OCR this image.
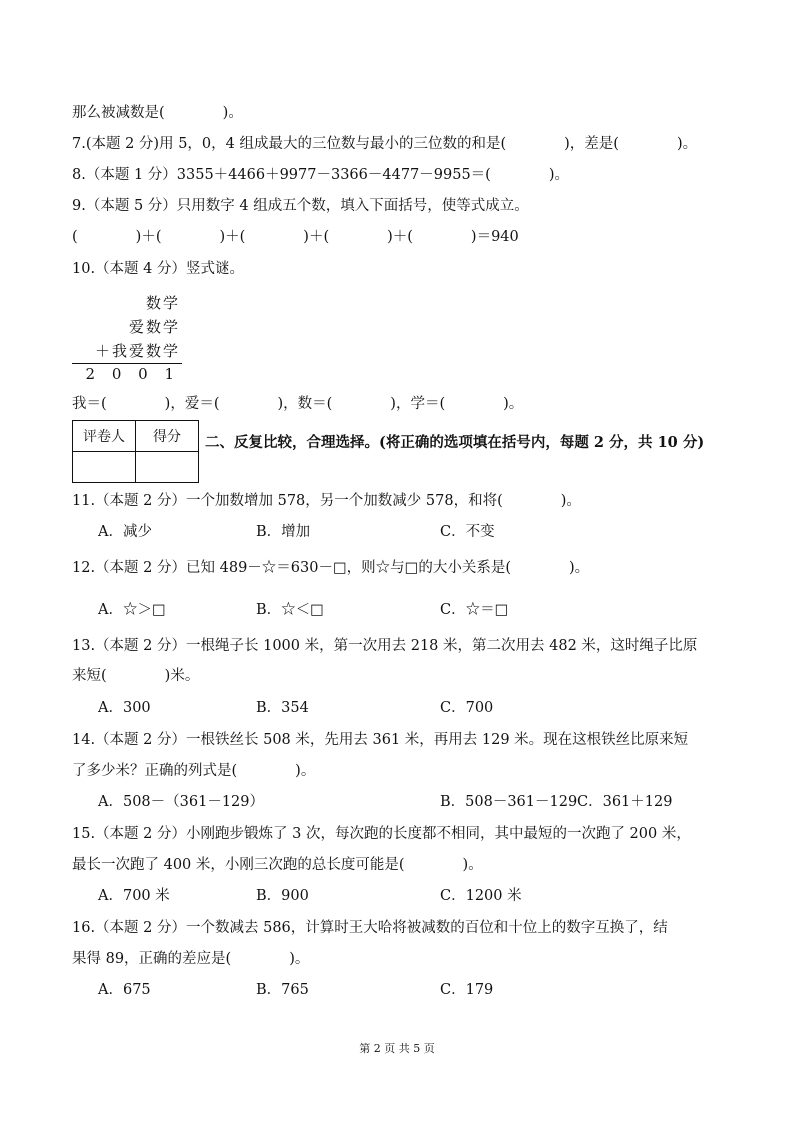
那么被减数是(　　　　)。
7.(本题 2 分)用 5，0，4 组成最大的三位数与最小的三位数的和是(　　　　)，差是(　　　　)。
8.（本题 1 分）3355＋4466＋9977－3366－4477－9955＝(　　　　)。
9.（本题 5 分）只用数字 4 组成五个数，填入下面括号，使等式成立。
(　　　　)＋(　　　　)＋(　　　　)＋(　　　　)＋(　　　　)＝940
10.（本题 4 分）竖式谜。
数学
爱数学
＋我爱数学
2 0 0 1
我＝(　　　　)，爱＝(　　　　)，数＝(　　　　)，学＝(　　　　)。
评卷人	得分
	二、反复比较，合理选择。(将正确的选项填在括号内，每题 2 分，共 10 分)
11.（本题 2 分）一个加数增加 578，另一个加数减少 578，和将(　　　　)。
A．减少	B．增加	C．不变
12.（本题 2 分）已知 489－☆＝630－□，则☆与□的大小关系是(　　　　)。
A．☆＞□	B．☆＜□	C．☆＝□
13.（本题 2 分）一根绳子长 1000 米，第一次用去 218 米，第二次用去 482 米，这时绳子比原
来短(　　　　)米。
A．300	B．354	C．700
14.（本题 2 分）一根铁丝长 508 米，先用去 361 米，再用去 129 米。现在这根铁丝比原来短
了多少米？正确的列式是(　　　　)。
A．508－（361－129）	B．508－361－129 C．361＋129
15.（本题 2 分）小刚跑步锻炼了 3 次，每次跑的长度都不相同，其中最短的一次跑了 200 米，
最长一次跑了 400 米，小刚三次跑的总长度可能是(　　　　)。
A．700 米	B．900	C．1200 米
16.（本题 2 分）一个数减去 586，计算时王大哈将被减数的百位和十位上的数字互换了，结
果得 89，正确的差应是(　　　　)。
A．675	B．765	C．179
第 2 页 共 5 页
